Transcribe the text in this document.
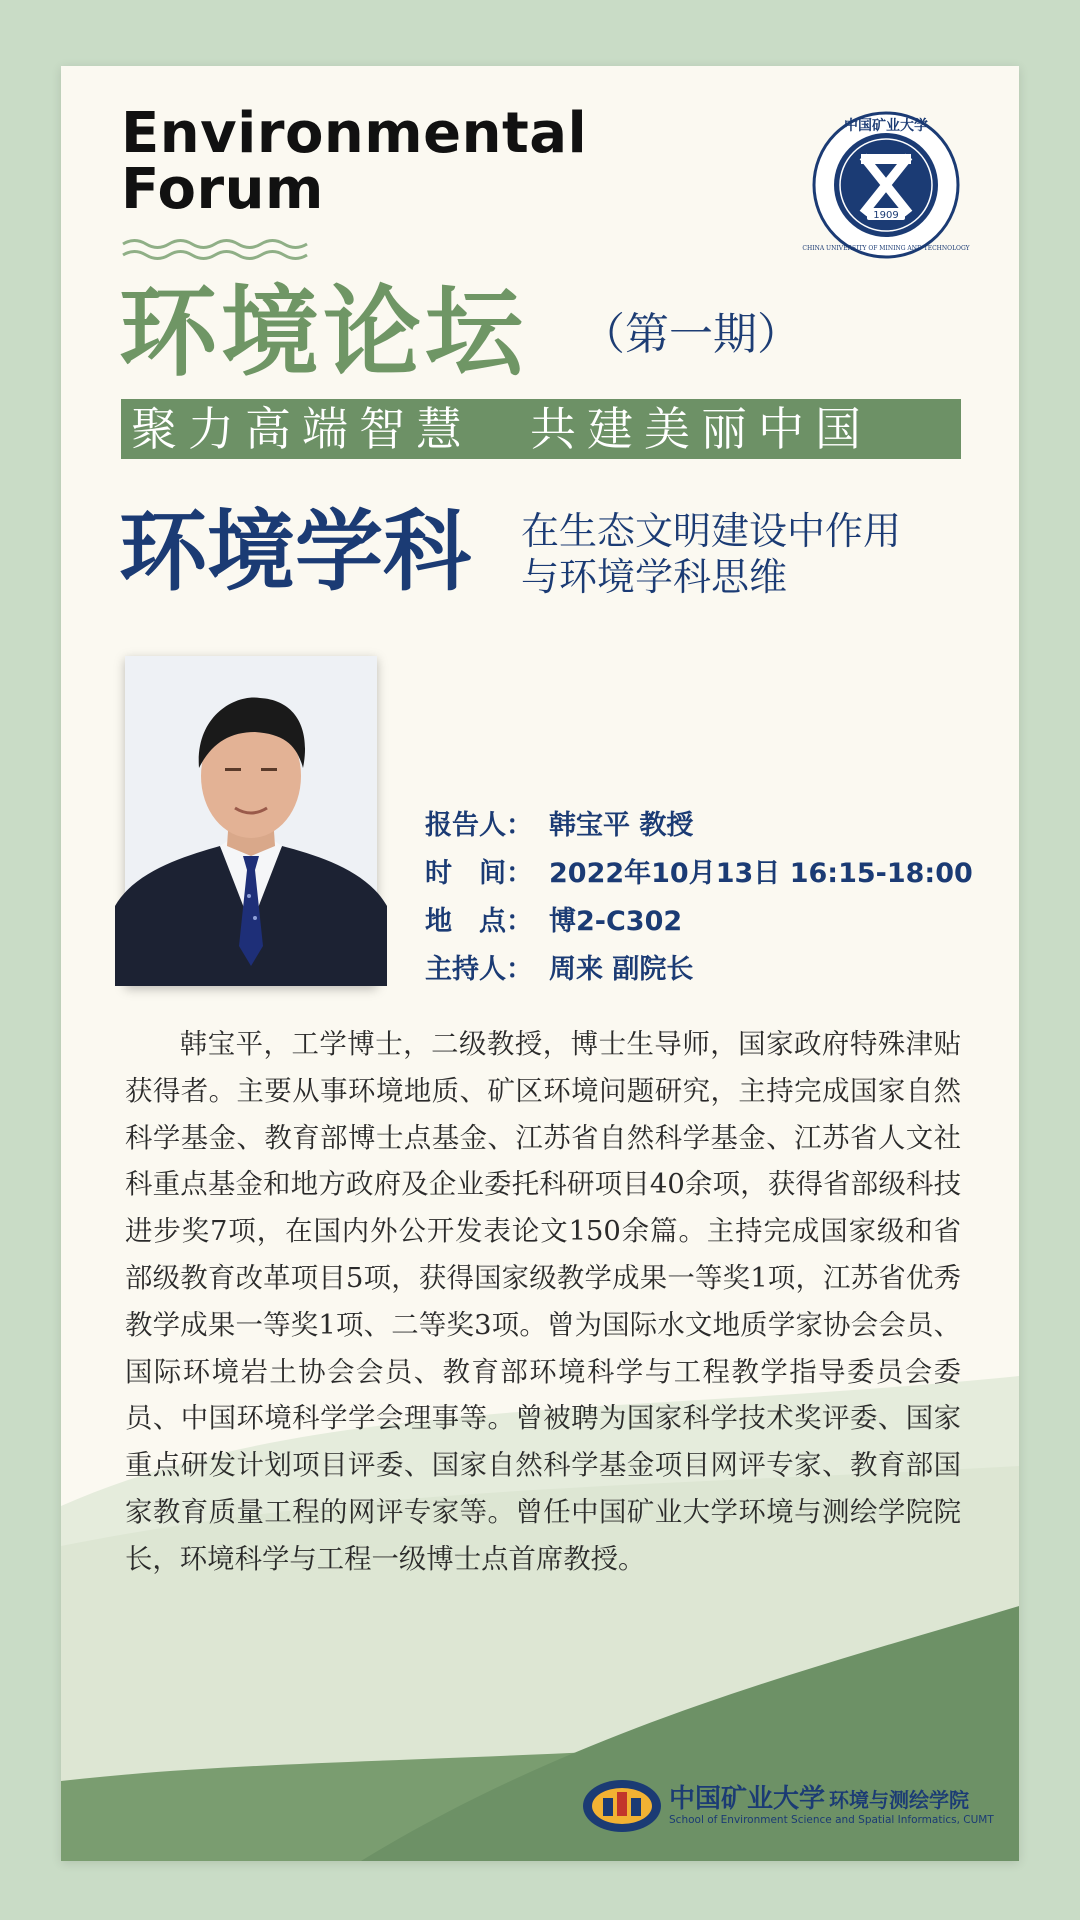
Environmental
Forum
环境论坛 （第一期）
1909
中国矿业大学
CHINA UNIVERSITY OF MINING AND TECHNOLOGY
聚力高端智慧　共建美丽中国
环境学科 在生态文明建设中作用
与环境学科思维
报告人： 韩宝平 教授
时　间： 2022年10月13日 16:15-18:00
地　点： 博2-C302
主持人： 周来 副院长

韩宝平，工学博士，二级教授，博士生导师，国家政府特殊津贴获得者。主要从事环境地质、矿区环境问题研究，主持完成国家自然科学基金、教育部博士点基金、江苏省自然科学基金、江苏省人文社科重点基金和地方政府及企业委托科研项目40余项，获得省部级科技进步奖7项，在国内外公开发表论文150余篇。主持完成国家级和省部级教育改革项目5项，获得国家级教学成果一等奖1项，江苏省优秀教学成果一等奖1项、二等奖3项。曾为国际水文地质学家协会会员、国际环境岩土协会会员、教育部环境科学与工程教学指导委员会委员、中国环境科学学会理事等。曾被聘为国家科学技术奖评委、国家重点研发计划项目评委、国家自然科学基金项目网评专家、教育部国家教育质量工程的网评专家等。曾任中国矿业大学环境与测绘学院院长，环境科学与工程一级博士点首席教授。

中国矿业大学 环境与测绘学院
School of Environment Science and Spatial Informatics, CUMT
